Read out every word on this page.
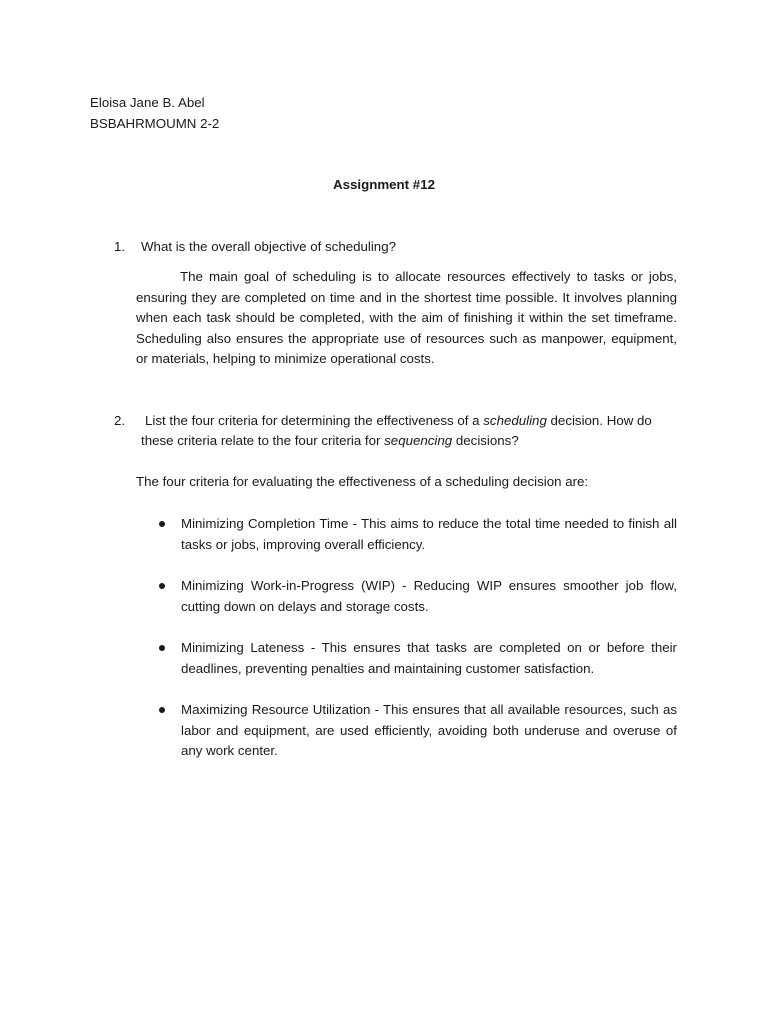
Eloisa Jane B. Abel
BSBAHRMOUMN 2-2
Assignment #12
1. What is the overall objective of scheduling?
The main goal of scheduling is to allocate resources effectively to tasks or jobs, ensuring they are completed on time and in the shortest time possible. It involves planning when each task should be completed, with the aim of finishing it within the set timeframe. Scheduling also ensures the appropriate use of resources such as manpower, equipment, or materials, helping to minimize operational costs.
2. List the four criteria for determining the effectiveness of a scheduling decision. How do
these criteria relate to the four criteria for sequencing decisions?
The four criteria for evaluating the effectiveness of a scheduling decision are:
Minimizing Completion Time - This aims to reduce the total time needed to finish all tasks or jobs, improving overall efficiency.
Minimizing Work-in-Progress (WIP) - Reducing WIP ensures smoother job flow, cutting down on delays and storage costs.
Minimizing Lateness - This ensures that tasks are completed on or before their deadlines, preventing penalties and maintaining customer satisfaction.
Maximizing Resource Utilization - This ensures that all available resources, such as labor and equipment, are used efficiently, avoiding both underuse and overuse of any work center.
